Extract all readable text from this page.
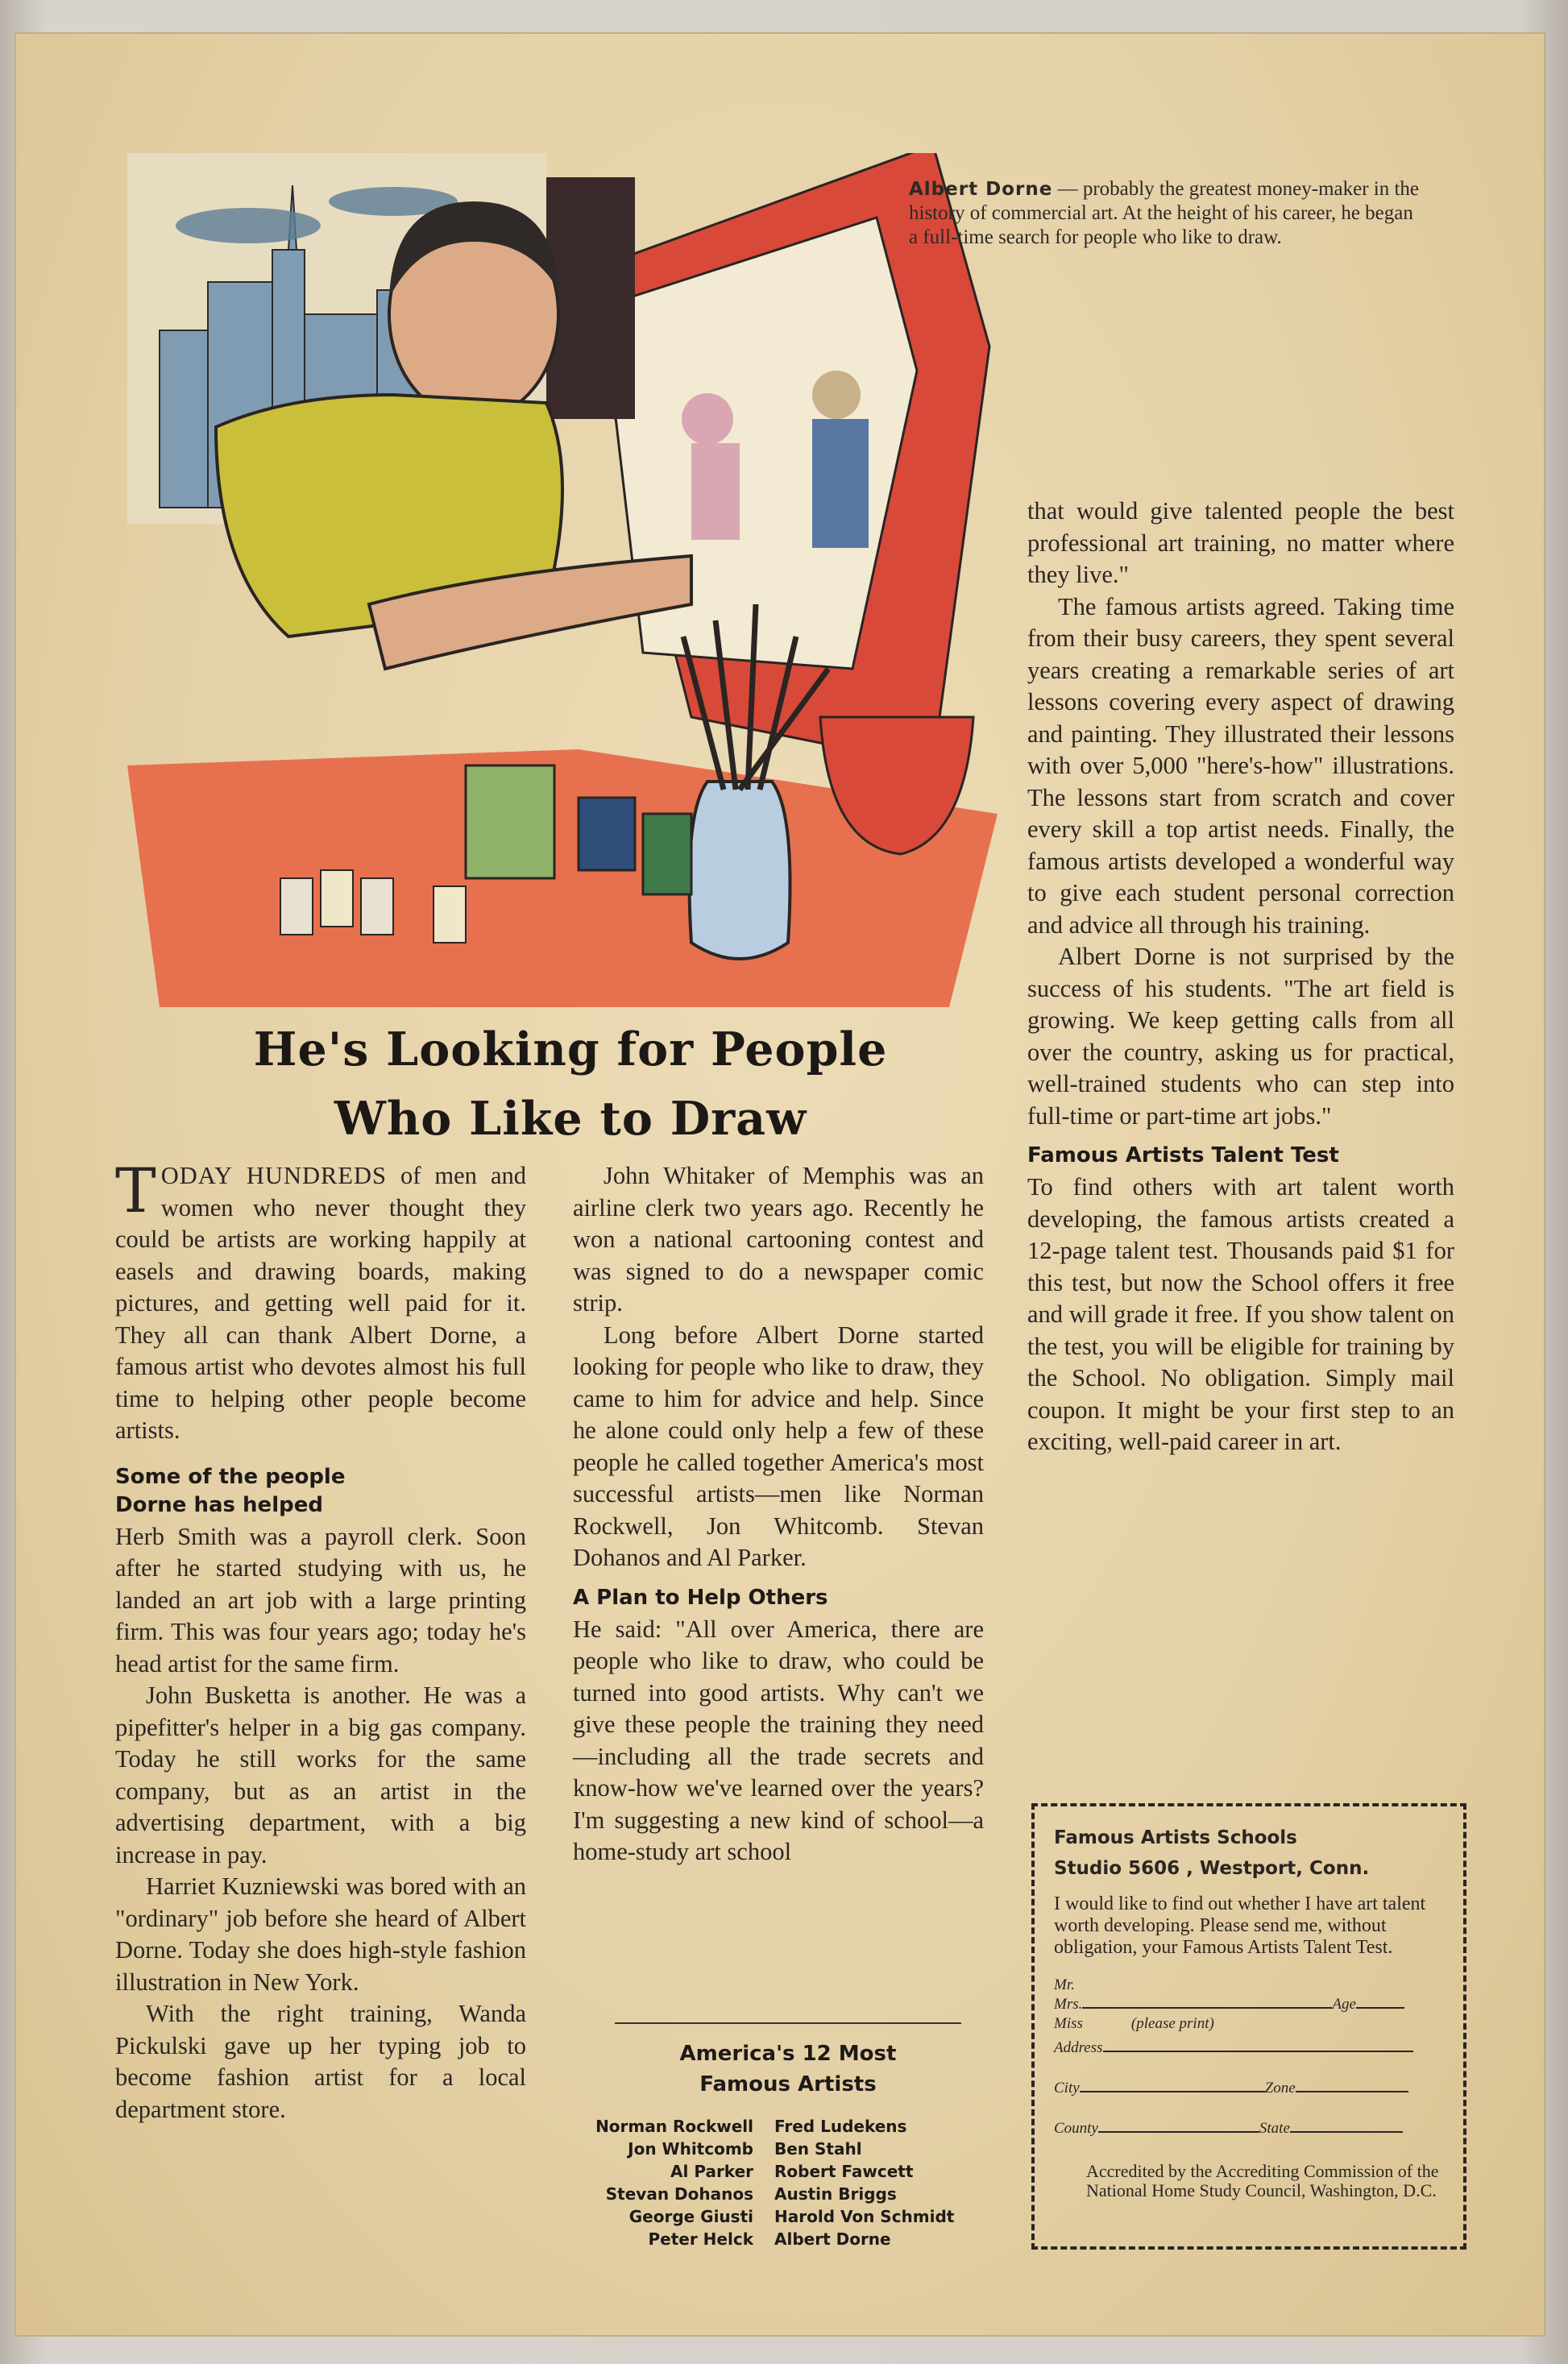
Albert Dorne — probably the greatest money-maker in the history of commercial art. At the height of his career, he began a full-time search for people who like to draw.
He's Looking for People
Who Like to Draw

TODAY HUNDREDS of men and women who never thought they could be artists are working happily at easels and drawing boards, making pictures, and getting well paid for it. They all can thank Albert Dorne, a famous artist who devotes almost his full time to helping other people become artists.

Some of the people
Dorne has helped

Herb Smith was a payroll clerk. Soon after he started studying with us, he landed an art job with a large printing firm. This was four years ago; today he's head artist for the same firm.

John Busketta is another. He was a pipefitter's helper in a big gas company. Today he still works for the same company, but as an artist in the advertising department, with a big increase in pay.

Harriet Kuzniewski was bored with an "ordinary" job before she heard of Albert Dorne. Today she does high-style fashion illustration in New York.

With the right training, Wanda Pickulski gave up her typing job to become fashion artist for a local department store.

John Whitaker of Memphis was an airline clerk two years ago. Recently he won a national cartooning contest and was signed to do a newspaper comic strip.

Long before Albert Dorne started looking for people who like to draw, they came to him for advice and help. Since he alone could only help a few of these people he called together America's most successful artists—men like Norman Rockwell, Jon Whitcomb. Stevan Dohanos and Al Parker.

A Plan to Help Others

He said: "All over America, there are people who like to draw, who could be turned into good artists. Why can't we give these people the training they need—including all the trade secrets and know-how we've learned over the years? I'm suggesting a new kind of school—a home-study art school

America's 12 Most
Famous Artists
Norman Rockwell	Fred Ludekens
Jon Whitcomb	Ben Stahl
Al Parker	Robert Fawcett
Stevan Dohanos	Austin Briggs
George Giusti	Harold Von Schmidt
Peter Helck	Albert Dorne

that would give talented people the best professional art training, no matter where they live."

The famous artists agreed. Taking time from their busy careers, they spent several years creating a remarkable series of art lessons covering every aspect of drawing and painting. They illustrated their lessons with over 5,000 "here's-how" illustrations. The lessons start from scratch and cover every skill a top artist needs. Finally, the famous artists developed a wonderful way to give each student personal correction and advice all through his training.

Albert Dorne is not surprised by the success of his students. "The art field is growing. We keep getting calls from all over the country, asking us for practical, well-trained students who can step into full-time or part-time art jobs."

Famous Artists Talent Test

To find others with art talent worth developing, the famous artists created a 12-page talent test. Thousands paid $1 for this test, but now the School offers it free and will grade it free. If you show talent on the test, you will be eligible for training by the School. No obligation. Simply mail coupon. It might be your first step to an exciting, well-paid career in art.

Famous Artists Schools
Studio 5606 , Westport, Conn.
I would like to find out whether I have art talent worth developing. Please send me, without obligation, your Famous Artists Talent Test.
Mr.
Mrs.	Age
Miss	(please print)
Address
City	Zone
County	State
Accredited by the Accrediting Commission of the National Home Study Council, Washington, D.C.
